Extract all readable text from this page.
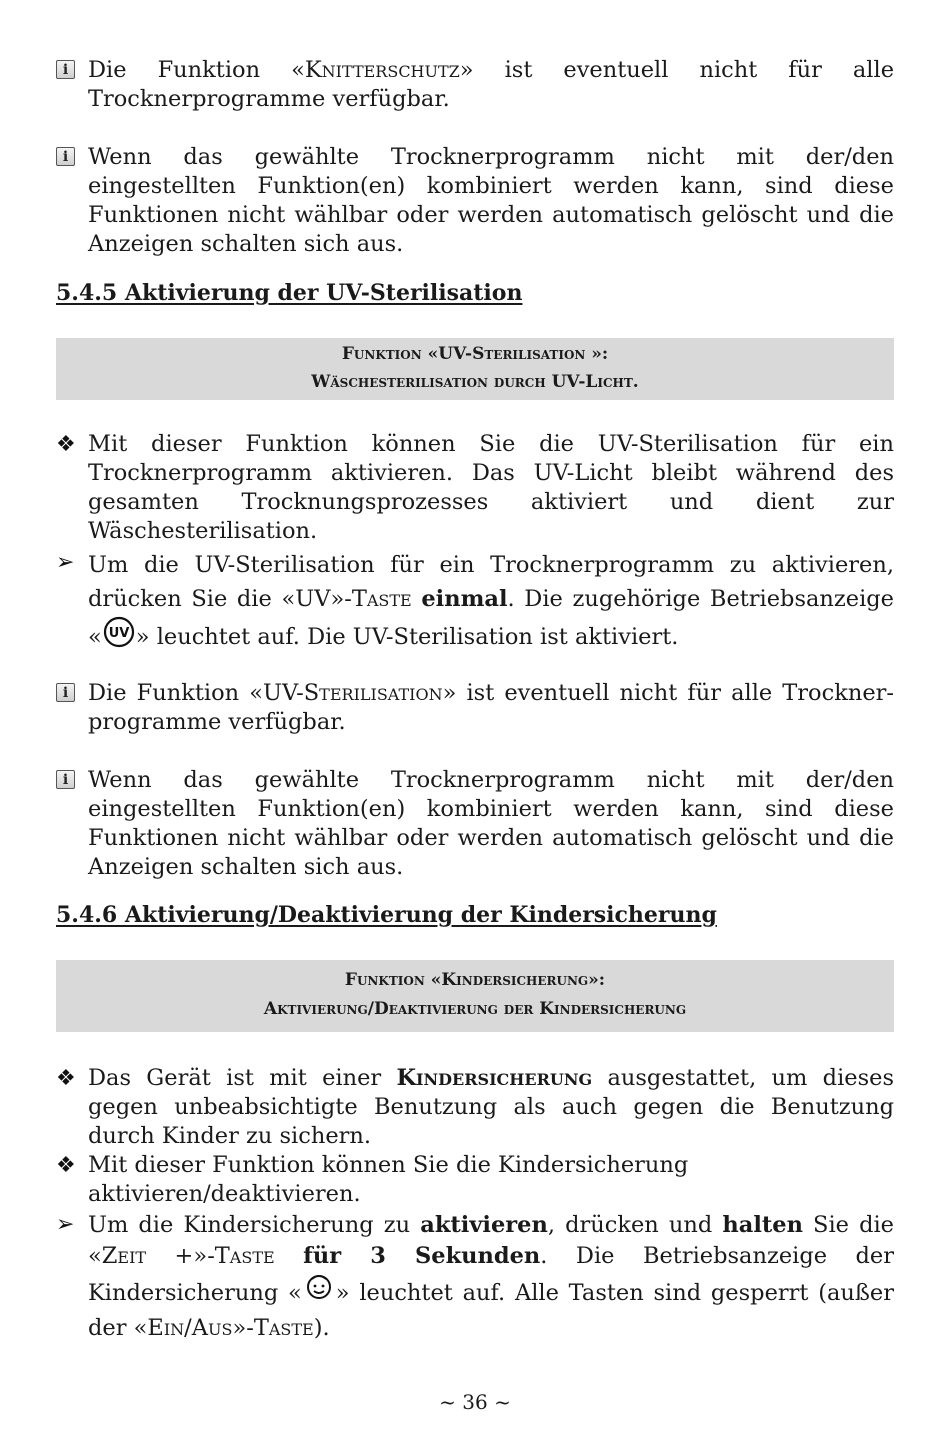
i Die Funktion «Knitterschutz» ist eventuell nicht für alle Trocknerprogramme verfügbar.
i Wenn das gewählte Trocknerprogramm nicht mit der/den eingestellten Funktion(en) kombiniert werden kann, sind diese Funktionen nicht wählbar oder werden automatisch gelöscht und die Anzeigen schalten sich aus.
5.4.5 Aktivierung der UV-Sterilisation
Funktion «UV-Sterilisation »:
Wäschesterilisation durch UV-Licht.
❖ Mit dieser Funktion können Sie die UV-Sterilisation für ein Trocknerprogramm aktivieren. Das UV-Licht bleibt während des gesamten Trocknungsprozesses aktiviert und dient zur Wäschesterilisation.
➢ Um die UV-Sterilisation für ein Trocknerprogramm zu aktivieren, drücken Sie die «UV»-Taste einmal. Die zugehörige Betriebsanzeige « UV » leuchtet auf. Die UV-Sterilisation ist aktiviert.
i Die Funktion «UV-Sterilisation» ist eventuell nicht für alle Trockner-programme verfügbar.
i Wenn das gewählte Trocknerprogramm nicht mit der/den eingestellten Funktion(en) kombiniert werden kann, sind diese Funktionen nicht wählbar oder werden automatisch gelöscht und die Anzeigen schalten sich aus.
5.4.6 Aktivierung/Deaktivierung der Kindersicherung
Funktion «Kindersicherung»:
Aktivierung/Deaktivierung der Kindersicherung
❖ Das Gerät ist mit einer Kindersicherung ausgestattet, um dieses gegen unbeabsichtigte Benutzung als auch gegen die Benutzung durch Kinder zu sichern.
❖ Mit dieser Funktion können Sie die Kindersicherung aktivieren/deaktivieren.
➢ Um die Kindersicherung zu aktivieren, drücken und halten Sie die «Zeit +»-Taste für 3 Sekunden. Die Betriebsanzeige der Kindersicherung « » leuchtet auf. Alle Tasten sind gesperrt (außer der «Ein/Aus»-Taste).
~ 36 ~
